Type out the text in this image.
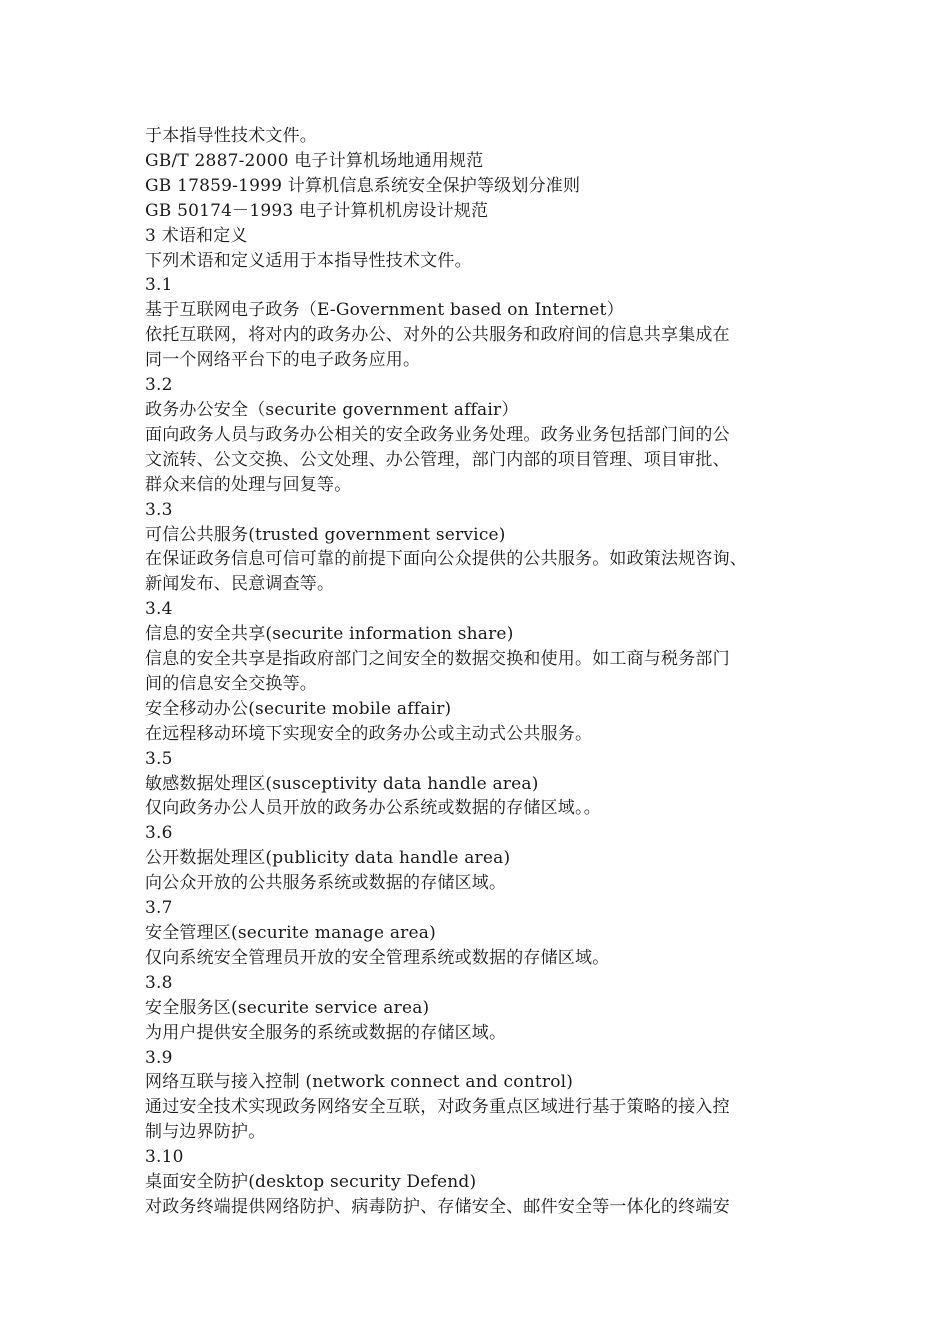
于本指导性技术文件。

GB/T 2887-2000 电子计算机场地通用规范

GB 17859-1999 计算机信息系统安全保护等级划分准则

GB 50174－1993 电子计算机机房设计规范

3 术语和定义

下列术语和定义适用于本指导性技术文件。

3.1

基于互联网电子政务（E-Government based on Internet）

依托互联网，将对内的政务办公、对外的公共服务和政府间的信息共享集成在

同一个网络平台下的电子政务应用。

3.2

政务办公安全（securite government affair）

面向政务人员与政务办公相关的安全政务业务处理。政务业务包括部门间的公

文流转、公文交换、公文处理、办公管理，部门内部的项目管理、项目审批、

群众来信的处理与回复等。

3.3

可信公共服务(trusted government service)

在保证政务信息可信可靠的前提下面向公众提供的公共服务。如政策法规咨询、

新闻发布、民意调查等。

3.4

信息的安全共享(securite information share)

信息的安全共享是指政府部门之间安全的数据交换和使用。如工商与税务部门

间的信息安全交换等。

安全移动办公(securite mobile affair)

在远程移动环境下实现安全的政务办公或主动式公共服务。

3.5

敏感数据处理区(susceptivity data handle area)

仅向政务办公人员开放的政务办公系统或数据的存储区域。。

3.6

公开数据处理区(publicity data handle area)

向公众开放的公共服务系统或数据的存储区域。

3.7

安全管理区(securite manage area)

仅向系统安全管理员开放的安全管理系统或数据的存储区域。

3.8

安全服务区(securite service area)

为用户提供安全服务的系统或数据的存储区域。

3.9

网络互联与接入控制 (network connect and control)

通过安全技术实现政务网络安全互联，对政务重点区域进行基于策略的接入控

制与边界防护。

3.10

桌面安全防护(desktop security Defend)

对政务终端提供网络防护、病毒防护、存储安全、邮件安全等一体化的终端安
